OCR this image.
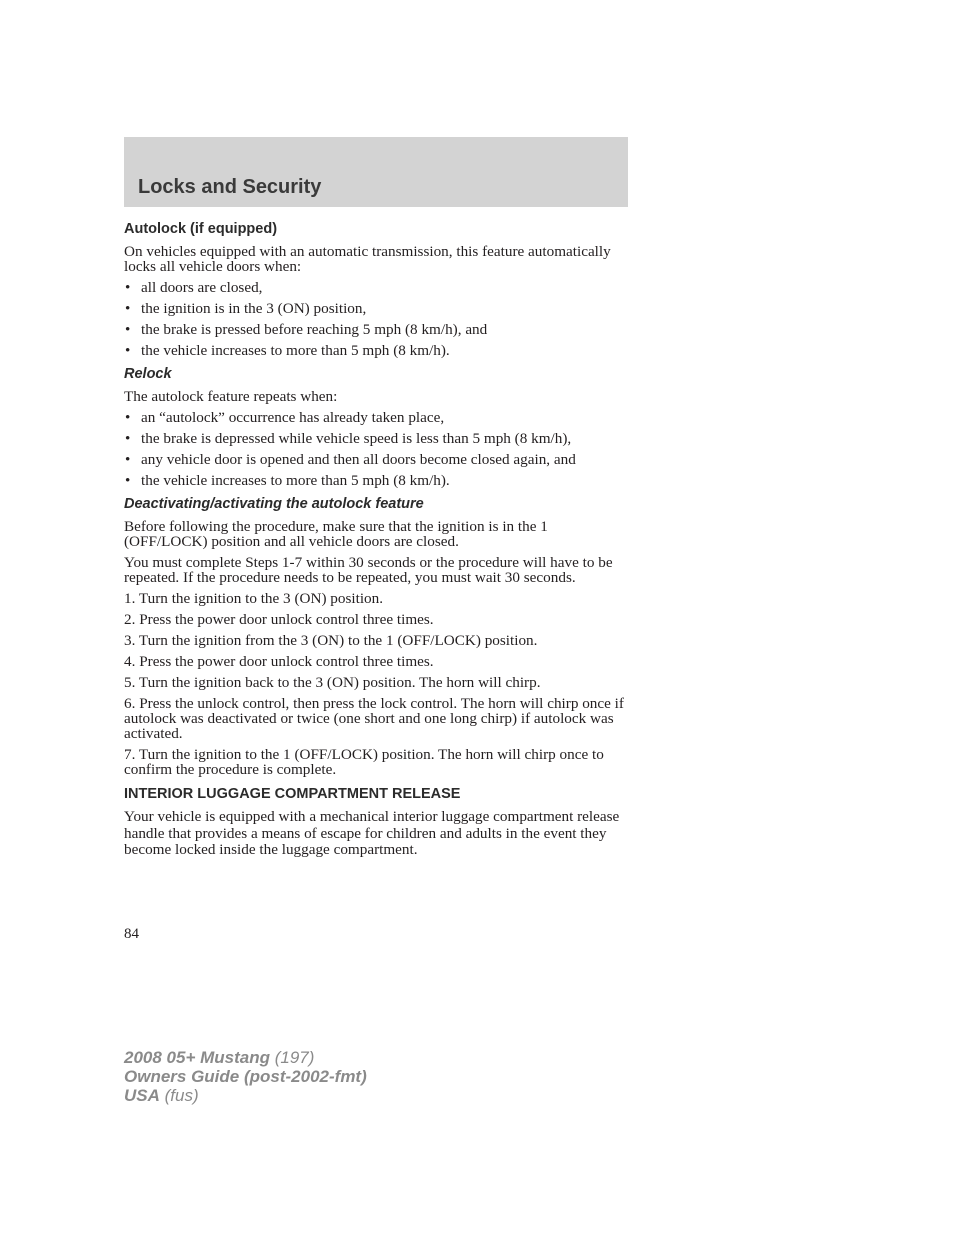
Locks and Security
Autolock (if equipped)

On vehicles equipped with an automatic transmission, this feature automatically locks all vehicle doors when:

• all doors are closed,
• the ignition is in the 3 (ON) position,
• the brake is pressed before reaching 5 mph (8 km/h), and
• the vehicle increases to more than 5 mph (8 km/h).
Relock

The autolock feature repeats when:

• an “autolock” occurrence has already taken place,
• the brake is depressed while vehicle speed is less than 5 mph (8 km/h),
• any vehicle door is opened and then all doors become closed again, and
• the vehicle increases to more than 5 mph (8 km/h).
Deactivating/activating the autolock feature

Before following the procedure, make sure that the ignition is in the 1 (OFF/LOCK) position and all vehicle doors are closed.

You must complete Steps 1-7 within 30 seconds or the procedure will have to be repeated. If the procedure needs to be repeated, you must wait 30 seconds.

1. Turn the ignition to the 3 (ON) position.
2. Press the power door unlock control three times.
3. Turn the ignition from the 3 (ON) to the 1 (OFF/LOCK) position.
4. Press the power door unlock control three times.
5. Turn the ignition back to the 3 (ON) position. The horn will chirp.
6. Press the unlock control, then press the lock control. The horn will chirp once if autolock was deactivated or twice (one short and one long chirp) if autolock was activated.
7. Turn the ignition to the 1 (OFF/LOCK) position. The horn will chirp once to confirm the procedure is complete.
INTERIOR LUGGAGE COMPARTMENT RELEASE

Your vehicle is equipped with a mechanical interior luggage compartment release handle that provides a means of escape for children and adults in the event they become locked inside the luggage compartment.

84
2008 05+ Mustang (197)
Owners Guide (post-2002-fmt)
USA (fus)
